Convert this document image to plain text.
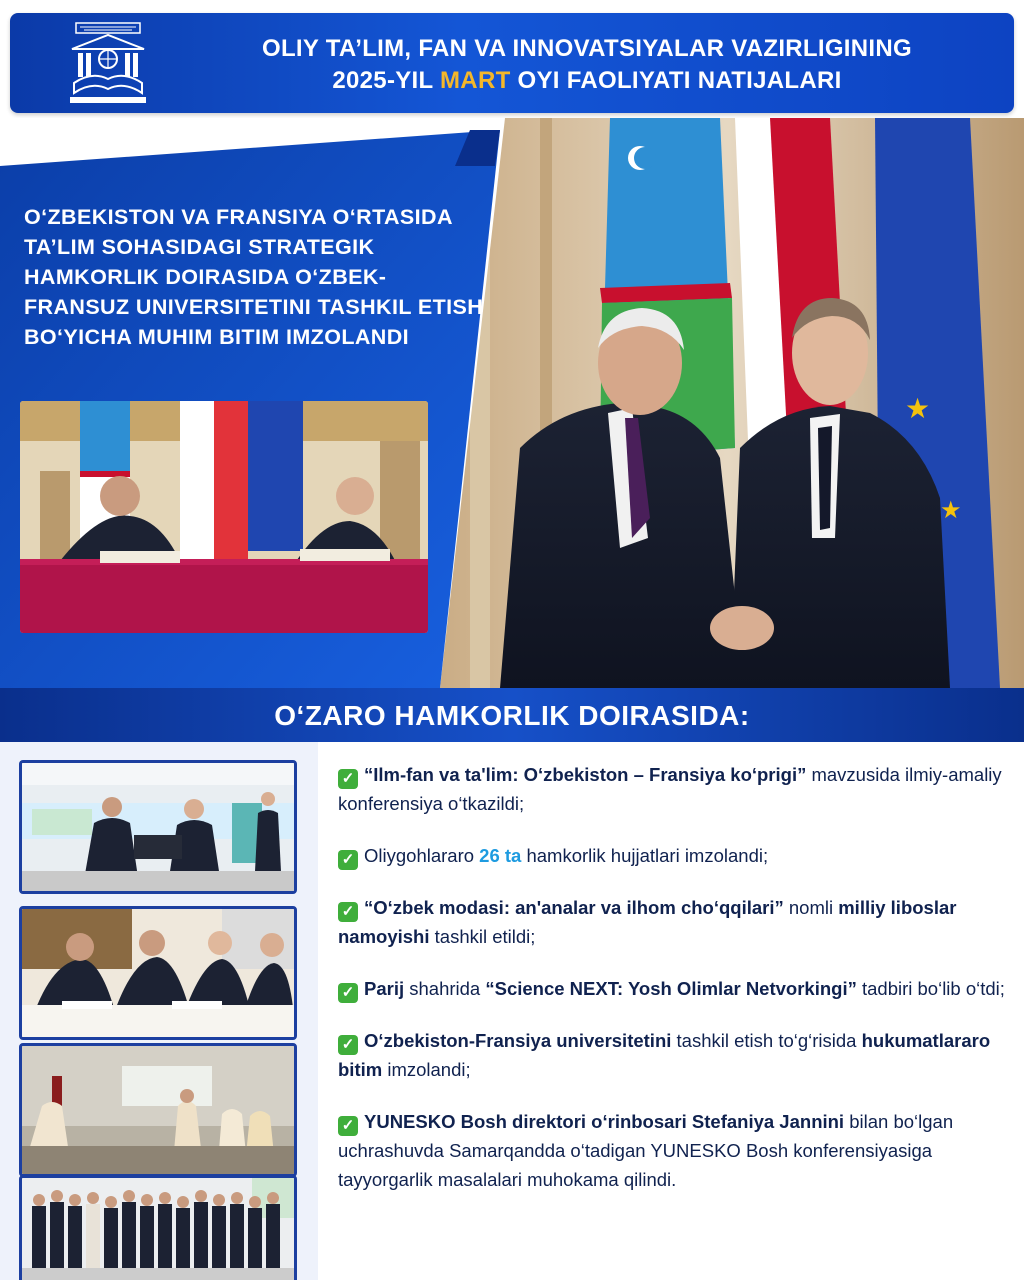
OLIY TA’LIM, FAN VA INNOVATSIYALAR VAZIRLIGINING
2025-YIL MART OYI FAOLIYATI NATIJALARI
★
★
O‘ZBEKISTON VA FRANSIYA O‘RTASIDA TA’LIM SOHASIDAGI STRATEGIK HAMKORLIK DOIRASIDA O‘ZBEK-FRANSUZ UNIVERSITETINI TASHKIL ETISH BO‘YICHA MUHIM BITIM IMZOLANDI
O‘ZARO HAMKORLIK DOIRASIDA:
✓ “Ilm-fan va ta'lim: O‘zbekiston – Fransiya ko‘prigi” mavzusida ilmiy-amaliy konferensiya o‘tkazildi;
✓ Oliygohlararo 26 ta hamkorlik hujjatlari imzolandi;
✓ “O‘zbek modasi: an'analar va ilhom cho‘qqilari” nomli milliy liboslar namoyishi tashkil etildi;
✓ Parij shahrida “Science NEXT: Yosh Olimlar Netvorkingi” tadbiri bo‘lib o‘tdi;
✓ O‘zbekiston-Fransiya universitetini tashkil etish to‘g‘risida hukumatlararo bitim imzolandi;
✓ YUNESKO Bosh direktori o‘rinbosari Stefaniya Jannini bilan bo‘lgan uchrashuvda Samarqandda o‘tadigan YUNESKO Bosh konferensiyasiga tayyorgarlik masalalari muhokama qilindi.
